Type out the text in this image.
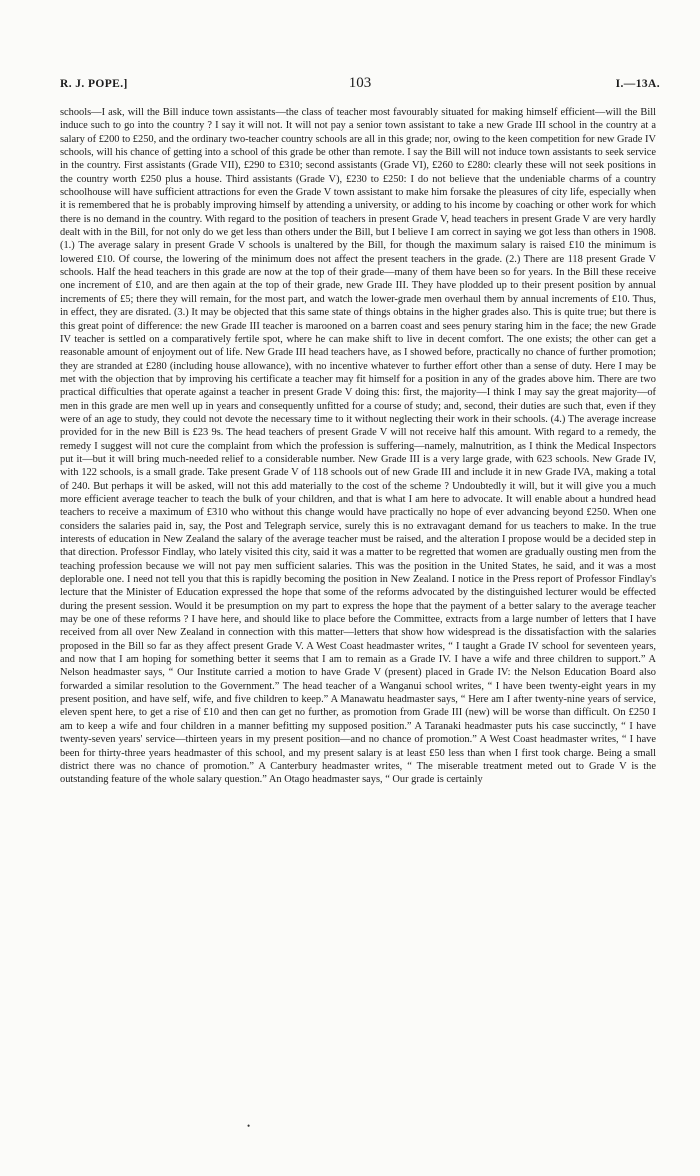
R. J. POPE.]	103	I.—13A.

schools—I ask, will the Bill induce town assistants—the class of teacher most favourably situated for making himself efficient—will the Bill induce such to go into the country ? I say it will not. It will not pay a senior town assistant to take a new Grade III school in the country at a salary of £200 to £250, and the ordinary two-teacher country schools are all in this grade; nor, owing to the keen competition for new Grade IV schools, will his chance of getting into a school of this grade be other than remote. I say the Bill will not induce town assistants to seek service in the country. First assistants (Grade VII), £290 to £310; second assistants (Grade VI), £260 to £280: clearly these will not seek positions in the country worth £250 plus a house. Third assistants (Grade V), £230 to £250: I do not believe that the undeniable charms of a country schoolhouse will have sufficient attractions for even the Grade V town assistant to make him forsake the pleasures of city life, especially when it is remembered that he is probably improving himself by attending a university, or adding to his income by coaching or other work for which there is no demand in the country. With regard to the position of teachers in present Grade V, head teachers in present Grade V are very hardly dealt with in the Bill, for not only do we get less than others under the Bill, but I believe I am correct in saying we got less than others in 1908. (1.) The average salary in present Grade V schools is unaltered by the Bill, for though the maximum salary is raised £10 the minimum is lowered £10. Of course, the lowering of the minimum does not affect the present teachers in the grade. (2.) There are 118 present Grade V schools. Half the head teachers in this grade are now at the top of their grade—many of them have been so for years. In the Bill these receive one increment of £10, and are then again at the top of their grade, new Grade III. They have plodded up to their present position by annual increments of £5; there they will remain, for the most part, and watch the lower-grade men overhaul them by annual increments of £10. Thus, in effect, they are disrated. (3.) It may be objected that this same state of things obtains in the higher grades also. This is quite true; but there is this great point of difference: the new Grade III teacher is marooned on a barren coast and sees penury staring him in the face; the new Grade IV teacher is settled on a comparatively fertile spot, where he can make shift to live in decent comfort. The one exists; the other can get a reasonable amount of enjoyment out of life. New Grade III head teachers have, as I showed before, practically no chance of further promotion; they are stranded at £280 (including house allowance), with no incentive whatever to further effort other than a sense of duty. Here I may be met with the objection that by improving his certificate a teacher may fit himself for a position in any of the grades above him. There are two practical difficulties that operate against a teacher in present Grade V doing this: first, the majority—I think I may say the great majority—of men in this grade are men well up in years and consequently unfitted for a course of study; and, second, their duties are such that, even if they were of an age to study, they could not devote the necessary time to it without neglecting their work in their schools. (4.) The average increase provided for in the new Bill is £23 9s. The head teachers of present Grade V will not receive half this amount. With regard to a remedy, the remedy I suggest will not cure the complaint from which the profession is suffering—namely, malnutrition, as I think the Medical Inspectors put it—but it will bring much-needed relief to a considerable number. New Grade III is a very large grade, with 623 schools. New Grade IV, with 122 schools, is a small grade. Take present Grade V of 118 schools out of new Grade III and include it in new Grade IVA, making a total of 240. But perhaps it will be asked, will not this add materially to the cost of the scheme ? Undoubtedly it will, but it will give you a much more efficient average teacher to teach the bulk of your children, and that is what I am here to advocate. It will enable about a hundred head teachers to receive a maximum of £310 who without this change would have practically no hope of ever advancing beyond £250. When one considers the salaries paid in, say, the Post and Telegraph service, surely this is no extravagant demand for us teachers to make. In the true interests of education in New Zealand the salary of the average teacher must be raised, and the alteration I propose would be a decided step in that direction. Professor Findlay, who lately visited this city, said it was a matter to be regretted that women are gradually ousting men from the teaching profession because we will not pay men sufficient salaries. This was the position in the United States, he said, and it was a most deplorable one. I need not tell you that this is rapidly becoming the position in New Zealand. I notice in the Press report of Professor Findlay's lecture that the Minister of Education expressed the hope that some of the reforms advocated by the distinguished lecturer would be effected during the present session. Would it be presumption on my part to express the hope that the payment of a better salary to the average teacher may be one of these reforms ? I have here, and should like to place before the Committee, extracts from a large number of letters that I have received from all over New Zealand in connection with this matter—letters that show how widespread is the dissatisfaction with the salaries proposed in the Bill so far as they affect present Grade V. A West Coast headmaster writes, “ I taught a Grade IV school for seventeen years, and now that I am hoping for something better it seems that I am to remain as a Grade IV. I have a wife and three children to support.” A Nelson headmaster says, “ Our Institute carried a motion to have Grade V (present) placed in Grade IV: the Nelson Education Board also forwarded a similar resolution to the Government.” The head teacher of a Wanganui school writes, “ I have been twenty-eight years in my present position, and have self, wife, and five children to keep.” A Manawatu headmaster says, “ Here am I after twenty-nine years of service, eleven spent here, to get a rise of £10 and then can get no further, as promotion from Grade III (new) will be worse than difficult. On £250 I am to keep a wife and four children in a manner befitting my supposed position.” A Taranaki headmaster puts his case succinctly, “ I have twenty-seven years' service—thirteen years in my present position—and no chance of promotion.” A West Coast headmaster writes, “ I have been for thirty-three years headmaster of this school, and my present salary is at least £50 less than when I first took charge. Being a small district there was no chance of promotion.” A Canterbury headmaster writes, “ The miserable treatment meted out to Grade V is the outstanding feature of the whole salary question.” An Otago headmaster says, “ Our grade is certainly

•
